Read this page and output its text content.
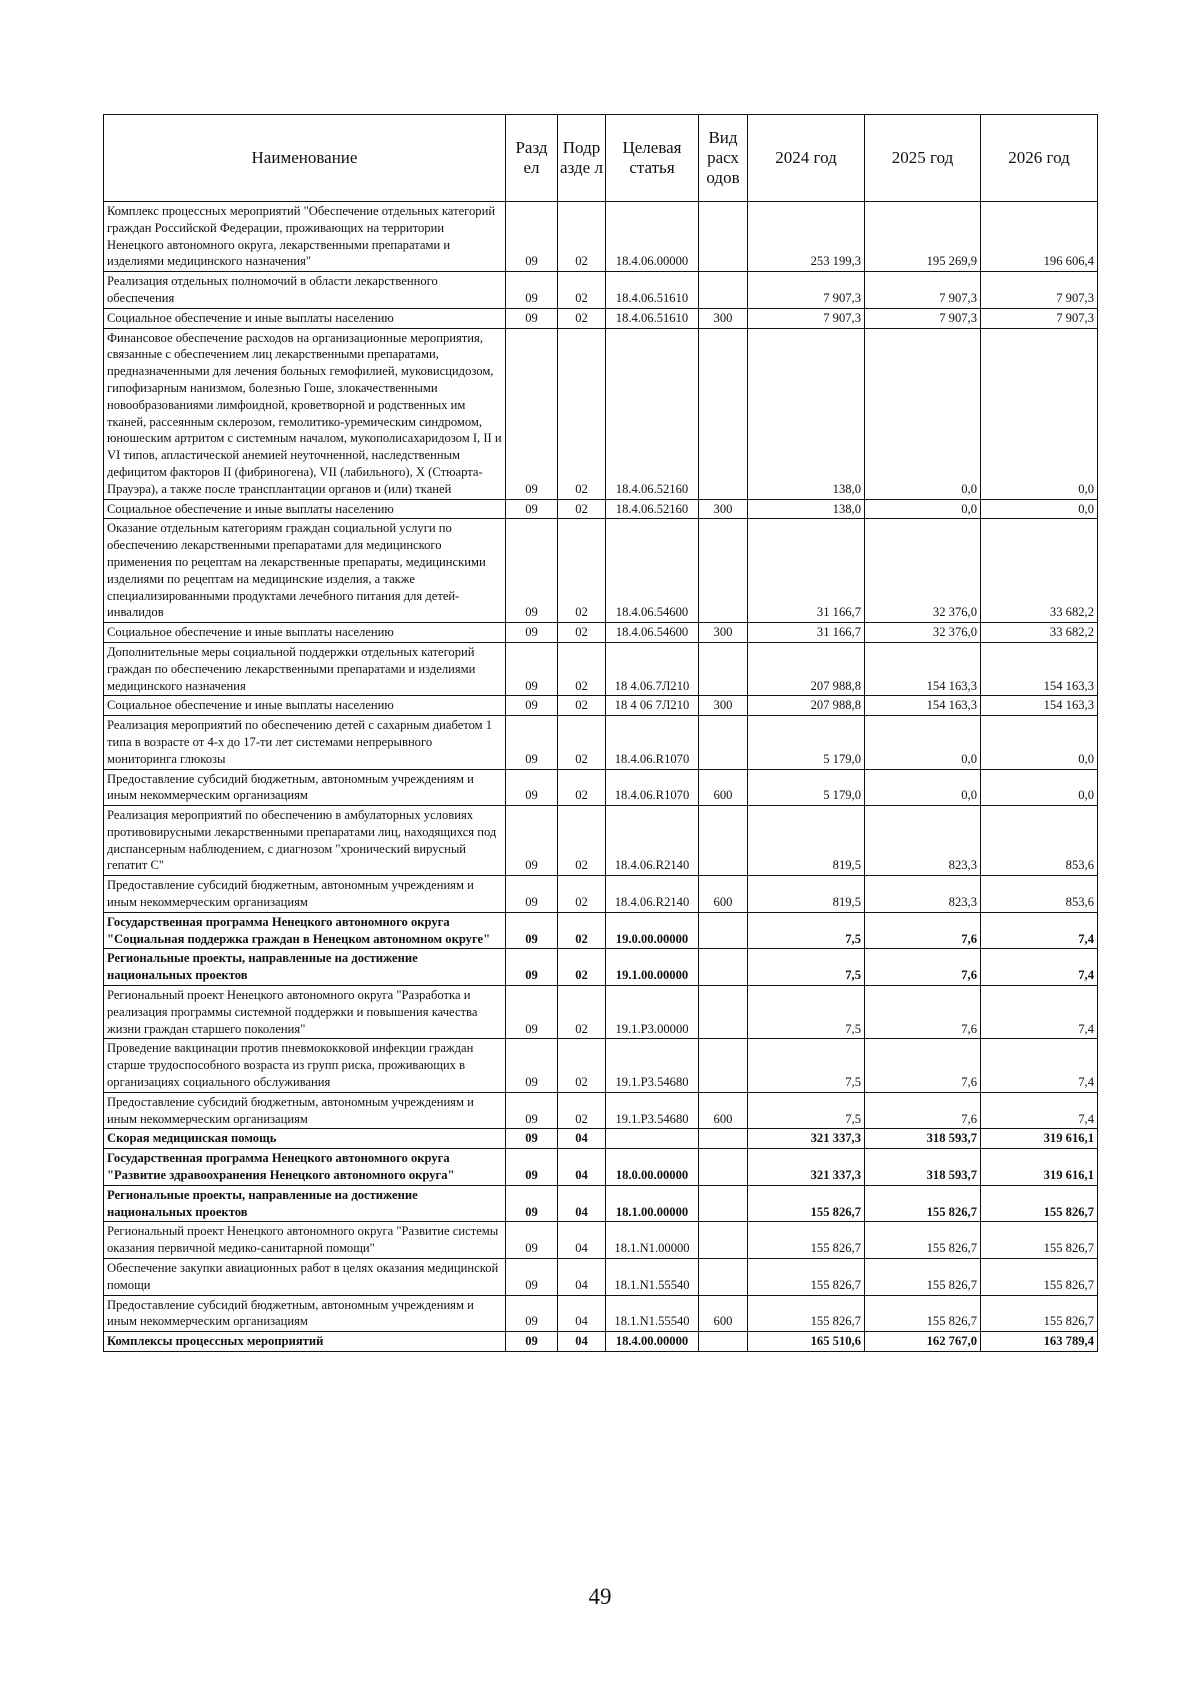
Наименование	Разд ел	Подр азде л	Целевая статья	Вид расх одов	2024 год	2025 год	2026 год
Комплекс процессных мероприятий "Обеспечение отдельных категорий граждан Российской Федерации, проживающих на территории Ненецкого автономного округа, лекарственными препаратами и изделиями медицинского назначения"	09	02	18.4.06.00000		253 199,3	195 269,9	196 606,4
Реализация отдельных полномочий в области лекарственного обеспечения	09	02	18.4.06.51610		7 907,3	7 907,3	7 907,3
Социальное обеспечение и иные выплаты населению	09	02	18.4.06.51610	300	7 907,3	7 907,3	7 907,3
Финансовое обеспечение расходов на организационные мероприятия, связанные с обеспечением лиц лекарственными препаратами, предназначенными для лечения больных гемофилией, муковисцидозом, гипофизарным нанизмом, болезнью Гоше, злокачественными новообразованиями лимфоидной, кроветворной и родственных им тканей, рассеянным склерозом, гемолитико-уремическим синдромом, юношеским артритом с системным началом, мукополисахаридозом I, II и VI типов, апластической анемией неуточненной, наследственным дефицитом факторов II (фибриногена), VII (лабильного), X (Стюарта-Прауэра), а также после трансплантации органов и (или) тканей	09	02	18.4.06.52160		138,0	0,0	0,0
Социальное обеспечение и иные выплаты населению	09	02	18.4.06.52160	300	138,0	0,0	0,0
Оказание отдельным категориям граждан социальной услуги по обеспечению лекарственными препаратами для медицинского применения по рецептам на лекарственные препараты, медицинскими изделиями по рецептам на медицинские изделия, а также специализированными продуктами лечебного питания для детей-инвалидов	09	02	18.4.06.54600		31 166,7	32 376,0	33 682,2
Социальное обеспечение и иные выплаты населению	09	02	18.4.06.54600	300	31 166,7	32 376,0	33 682,2
Дополнительные меры социальной поддержки отдельных категорий граждан по обеспечению лекарственными препаратами и изделиями медицинского назначения	09	02	18 4.06.7Л210		207 988,8	154 163,3	154 163,3
Социальное обеспечение и иные выплаты населению	09	02	18 4 06 7Л210	300	207 988,8	154 163,3	154 163,3
Реализация мероприятий по обеспечению детей с сахарным диабетом 1 типа в возрасте от 4-х до 17-ти лет системами непрерывного мониторинга глюкозы	09	02	18.4.06.R1070		5 179,0	0,0	0,0
Предоставление субсидий бюджетным, автономным учреждениям и иным некоммерческим организациям	09	02	18.4.06.R1070	600	5 179,0	0,0	0,0
Реализация мероприятий по обеспечению в амбулаторных условиях противовирусными лекарственными препаратами лиц, находящихся под диспансерным наблюдением, с диагнозом "хронический вирусный гепатит С"	09	02	18.4.06.R2140		819,5	823,3	853,6
Предоставление субсидий бюджетным, автономным учреждениям и иным некоммерческим организациям	09	02	18.4.06.R2140	600	819,5	823,3	853,6
Государственная программа Ненецкого автономного округа "Социальная поддержка граждан в Ненецком автономном округе"	09	02	19.0.00.00000		7,5	7,6	7,4
Региональные проекты, направленные на достижение национальных проектов	09	02	19.1.00.00000		7,5	7,6	7,4
Региональный проект Ненецкого автономного округа "Разработка и реализация программы системной поддержки и повышения качества жизни граждан старшего поколения"	09	02	19.1.P3.00000		7,5	7,6	7,4
Проведение вакцинации против пневмококковой инфекции граждан старше трудоспособного возраста из групп риска, проживающих в организациях социального обслуживания	09	02	19.1.P3.54680		7,5	7,6	7,4
Предоставление субсидий бюджетным, автономным учреждениям и иным некоммерческим организациям	09	02	19.1.P3.54680	600	7,5	7,6	7,4
Скорая медицинская помощь	09	04			321 337,3	318 593,7	319 616,1
Государственная программа Ненецкого автономного округа "Развитие здравоохранения Ненецкого автономного округа"	09	04	18.0.00.00000		321 337,3	318 593,7	319 616,1
Региональные проекты, направленные на достижение национальных проектов	09	04	18.1.00.00000		155 826,7	155 826,7	155 826,7
Региональный проект Ненецкого автономного округа "Развитие системы оказания первичной медико-санитарной помощи"	09	04	18.1.N1.00000		155 826,7	155 826,7	155 826,7
Обеспечение закупки авиационных работ в целях оказания медицинской помощи	09	04	18.1.N1.55540		155 826,7	155 826,7	155 826,7
Предоставление субсидий бюджетным, автономным учреждениям и иным некоммерческим организациям	09	04	18.1.N1.55540	600	155 826,7	155 826,7	155 826,7
Комплексы процессных мероприятий	09	04	18.4.00.00000		165 510,6	162 767,0	163 789,4
49
